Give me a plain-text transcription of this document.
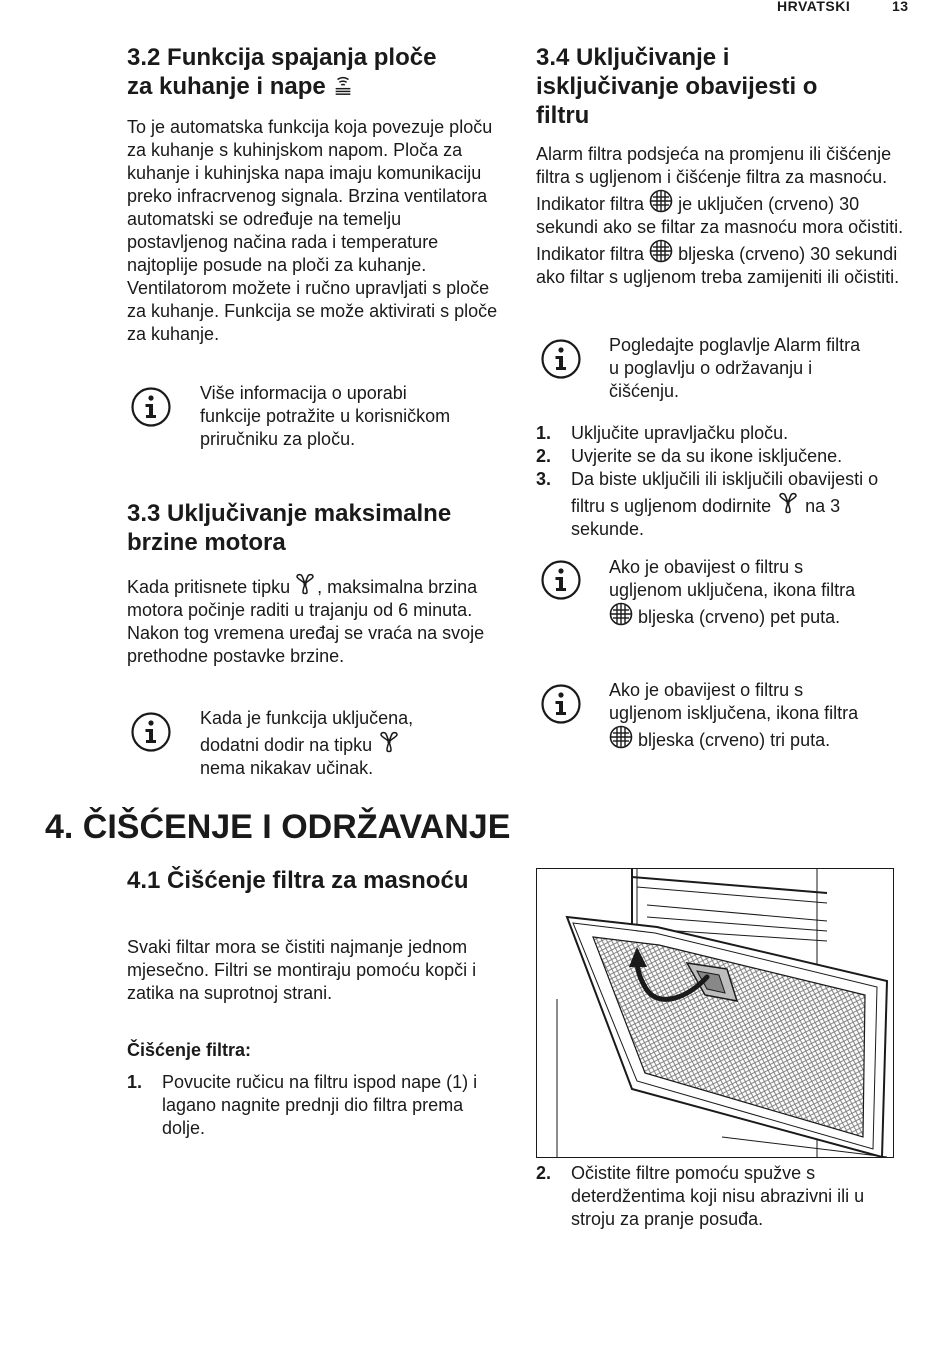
HRVATSKI	13
3.2 Funkcija spajanja ploče
za kuhanje i nape

To je automatska funkcija koja povezuje ploču za kuhanje s kuhinjskom napom. Ploča za kuhanje i kuhinjska napa imaju komunikaciju preko infracrvenog signala. Brzina ventilatora automatski se određuje na temelju postavljenog načina rada i temperature najtoplije posude na ploči za kuhanje. Ventilatorom možete i ručno upravljati s ploče za kuhanje. Funkcija se može aktivirati s ploče za kuhanje.

Više informacija o uporabi funkcije potražite u korisničkom priručniku za ploču.

3.3 Uključivanje maksimalne brzine motora

Kada pritisnete tipku , maksimalna brzina motora počinje raditi u trajanju od 6 minuta. Nakon tog vremena uređaj se vraća na svoje prethodne postavke brzine.

Kada je funkcija uključena, dodatni dodir na tipku
nema nikakav učinak.

4. ČIŠĆENJE I ODRŽAVANJE
4.1 Čišćenje filtra za masnoću

Svaki filtar mora se čistiti najmanje jednom mjesečno. Filtri se montiraju pomoću kopči i zatika na suprotnoj strani.

Čišćenje filtra:

1. Povucite ručicu na filtru ispod nape (1) i lagano nagnite prednji dio filtra prema dolje.
3.4 Uključivanje i isključivanje obavijesti o filtru

Alarm filtra podsjeća na promjenu ili čišćenje filtra s ugljenom i čišćenje filtra za masnoću. Indikator filtra je uključen (crveno) 30 sekundi ako se filtar za masnoću mora očistiti. Indikator filtra bljeska (crveno) 30 sekundi ako filtar s ugljenom treba zamijeniti ili očistiti.

Pogledajte poglavlje Alarm filtra u poglavlju o održavanju i čišćenju.

1. Uključite upravljačku ploču.
2. Uvjerite se da su ikone isključene.
3. Da biste uključili ili isključili obavijesti o filtru s ugljenom dodirnite na 3 sekunde.

Ako je obavijest o filtru s ugljenom uključena, ikona filtra  bljeska (crveno) pet puta.

Ako je obavijest o filtru s ugljenom isključena, ikona filtra  bljeska (crveno) tri puta.

2. Očistite filtre pomoću spužve s deterdžentima koji nisu abrazivni ili u stroju za pranje posuđa.
